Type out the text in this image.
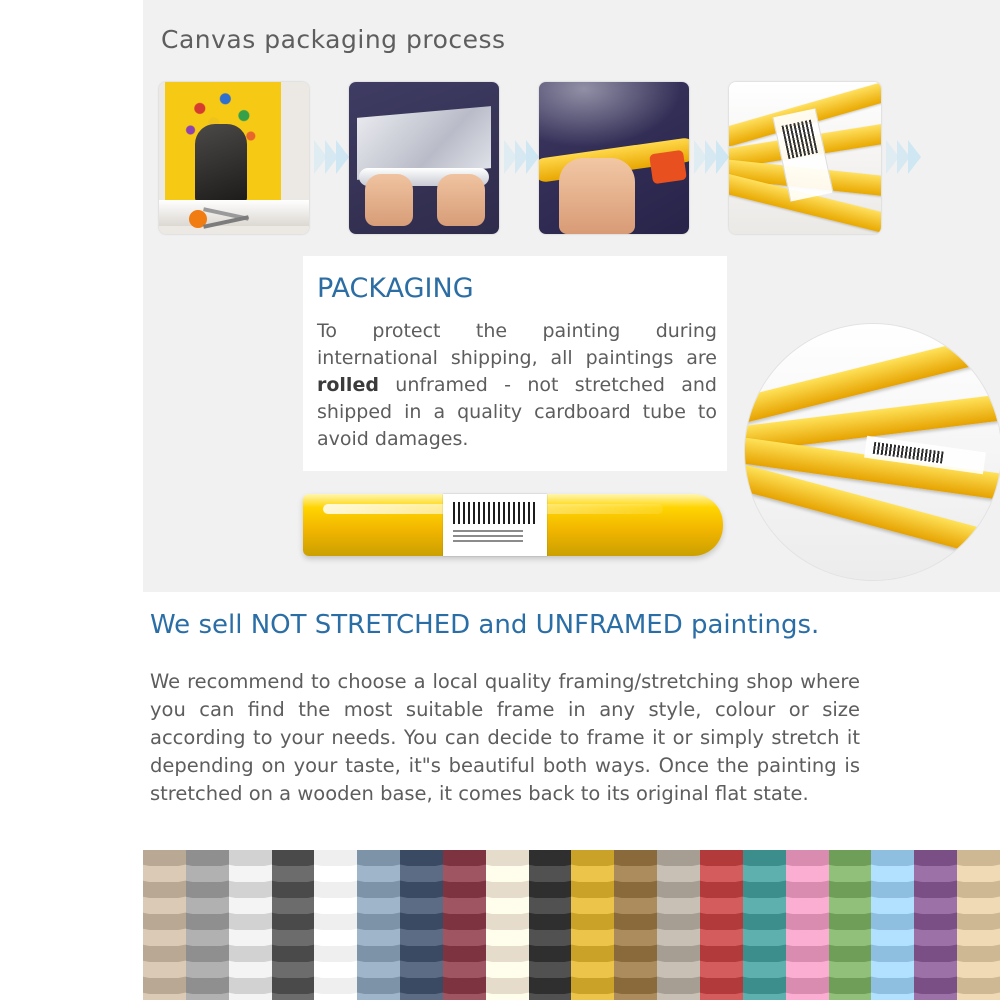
Canvas packaging process
PACKAGING
To protect the painting during international shipping, all paintings are rolled unframed - not stretched and shipped in a quality cardboard tube to avoid damages.
We sell NOT STRETCHED and UNFRAMED paintings.
We recommend to choose a local quality framing/stretching shop where you can find the most suitable frame in any style, colour or size according to your needs. You can decide to frame it or simply stretch it depending on your taste, it"s beautiful both ways. Once the painting is stretched on a wooden base, it comes back to its original flat state.
